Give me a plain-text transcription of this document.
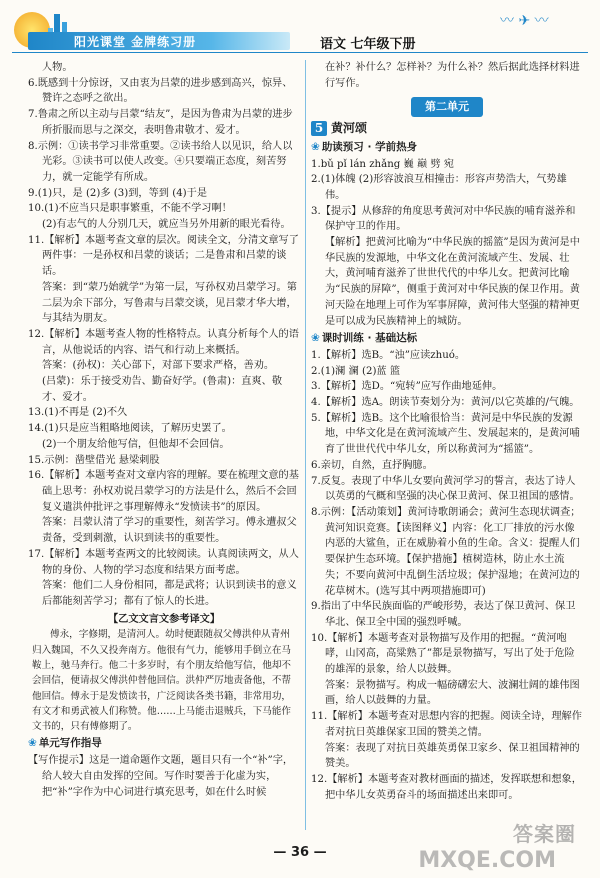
阳光课堂 金牌练习册	语文 七年级下册
〰 ✈ 〰

人物。

6.既感到十分惊讶，又由衷为吕蒙的进步感到高兴，惊异、赞许之态呼之欲出。

7.鲁肃之所以主动与吕蒙“结友”，是因为鲁肃为吕蒙的进步所折服而思与之深交，表明鲁肃敬才、爱才。

8.示例：①读书学习非常重要。②读书给人以见识，给人以光彩。③读书可以使人改变。④只要端正态度，刻苦努力，就一定能学有所成。

9.(1)只，是 (2)多 (3)到，等到 (4)于是

10.(1)不应当只是职事繁重，不能不学习啊！

(2)有志气的人分别几天，就应当另外用新的眼光看待。

11.【解析】本题考查文章的层次。阅读全文，分清文章写了两件事：一是孙权和吕蒙的谈话；二是鲁肃和吕蒙的谈话。

答案：到“蒙乃始就学”为第一层，写孙权劝吕蒙学习。第二层为余下部分，写鲁肃与吕蒙交谈，见吕蒙才华大增，与其结为朋友。

12.【解析】本题考查人物的性格特点。认真分析每个人的语言，从他说话的内容、语气和行动上来概括。

答案：(孙权)：关心部下，对部下要求严格，善劝。

(吕蒙)：乐于接受劝告、勤奋好学。(鲁肃)：直爽、敬才、爱才。

13.(1)不再是 (2)不久

14.(1)只是应当粗略地阅读，了解历史罢了。

(2)一个朋友给他写信，但他却不会回信。

15.示例：凿壁借光 悬梁刺股

16.【解析】本题考查对文章内容的理解。要在梳理文意的基础上思考：孙权劝说吕蒙学习的方法是什么，然后不会回复义遣洪仲批评之事理解傅永“发愤读书”的原因。

答案：吕蒙认清了学习的重要性，刻苦学习。傅永遭叔父责备，受到刺激，认识到读书的重要性。

17.【解析】本题考查两文的比较阅读。认真阅读两文，从人物的身份、人物的学习态度和结果方面考虑。

答案：他们二人身份相同，都是武将；认识到读书的意义后都能刻苦学习；都有了惊人的长进。

【乙文文言文参考译文】

傅永，字修期，是清河人。幼时便跟随叔父傅洪仲从青州归入魏国，不久又投奔南方。他很有气力，能够用手倒立在马鞍上，驰马奔行。他二十多岁时，有个朋友给他写信，他却不会回信，便请叔父傅洪仲替他回信。洪仲严厉地责备他，不帮他回信。傅永于是发愤读书，广泛阅读各类书籍，非常用功，有文才和勇武被人们称赞。他……上马能击退贼兵，下马能作文书的，只有傅修期了。

❀ 单元写作指导

【写作提示】这是一道命题作文题，题目只有一个“补”字，给人较大自由发挥的空间。写作时要善于化虚为实，把“补”字作为中心词进行填充思考，如在什么时候

在补？补什么？怎样补？为什么补？然后据此选择材料进行写作。

第二单元

5 黄河颂

❀ 助读预习 · 学前热身

1.bǔ pǐ lán zhǎng 巍 巅 劈 宛

2.(1)体魄 (2)形容波浪互相撞击：形容声势浩大，气势雄伟。

3.【提示】从修辞的角度思考黄河对中华民族的哺育滋养和保护守卫的作用。

【解析】把黄河比喻为“中华民族的摇篮”是因为黄河是中华民族的发源地，中华文化在黄河流域产生、发展、壮大，黄河哺育滋养了世世代代的中华儿女。把黄河比喻为“民族的屏障”，侧重于黄河对中华民族的保卫作用。黄河天险在地理上可作为军事屏障，黄河伟大坚强的精神更是可以成为民族精神上的城防。

❀ 课时训练 · 基础达标

1.【解析】选B。“浊”应读zhuó。

2.(1)澜 澜 (2)蓝 篮

3.【解析】选D。“宛转”应写作曲地延伸。

4.【解析】选A。朗读节奏划分为：黄河/以它英雄的/气魄。

5.【解析】选B。这个比喻很恰当：黄河是中华民族的发源地，中华文化是在黄河流域产生、发展起来的，是黄河哺育了世世代代中华儿女，所以称黄河为“摇篮”。

6.亲切，自然，直抒胸臆。

7.反复。表现了中华儿女要向黄河学习的誓言，表达了诗人以英勇的气概和坚强的决心保卫黄河、保卫祖国的感情。

8.示例：【活动策划】黄河诗歌朗诵会；黄河生态现状调查；黄河知识竞赛。【读图释义】内容：化工厂排放的污水像内恶的大鲨鱼，正在威胁着小鱼的生命。含义：提醒人们要保护生态环境。【保护措施】植树造林，防止水土流失；不要向黄河中乱倒生活垃圾；保护湿地；在黄河边的花草树木。(选写其中两项措施即可)

9.指出了中华民族面临的严峻形势，表达了保卫黄河、保卫华北、保卫全中国的强烈呼喊。

10.【解析】本题考查对景物描写及作用的把握。“黄河咆哮，山冈高，高粱熟了”都是景物描写，写出了处于危险的雄浑的景象，给人以鼓舞。

答案：景物描写。构成一幅磅礴宏大、波澜壮阔的雄伟图画，给人以鼓舞的力量。

11.【解析】本题考查对思想内容的把握。阅读全诗，理解作者对抗日英雄保家卫国的赞美之情。

答案：表现了对抗日英雄英勇保卫家乡、保卫祖国精神的赞美。

12.【解析】本题考查对教材画面的描述，发挥联想和想象，把中华儿女英勇奋斗的场面描述出来即可。

— 36 —
答案圈
MXQE.COM
